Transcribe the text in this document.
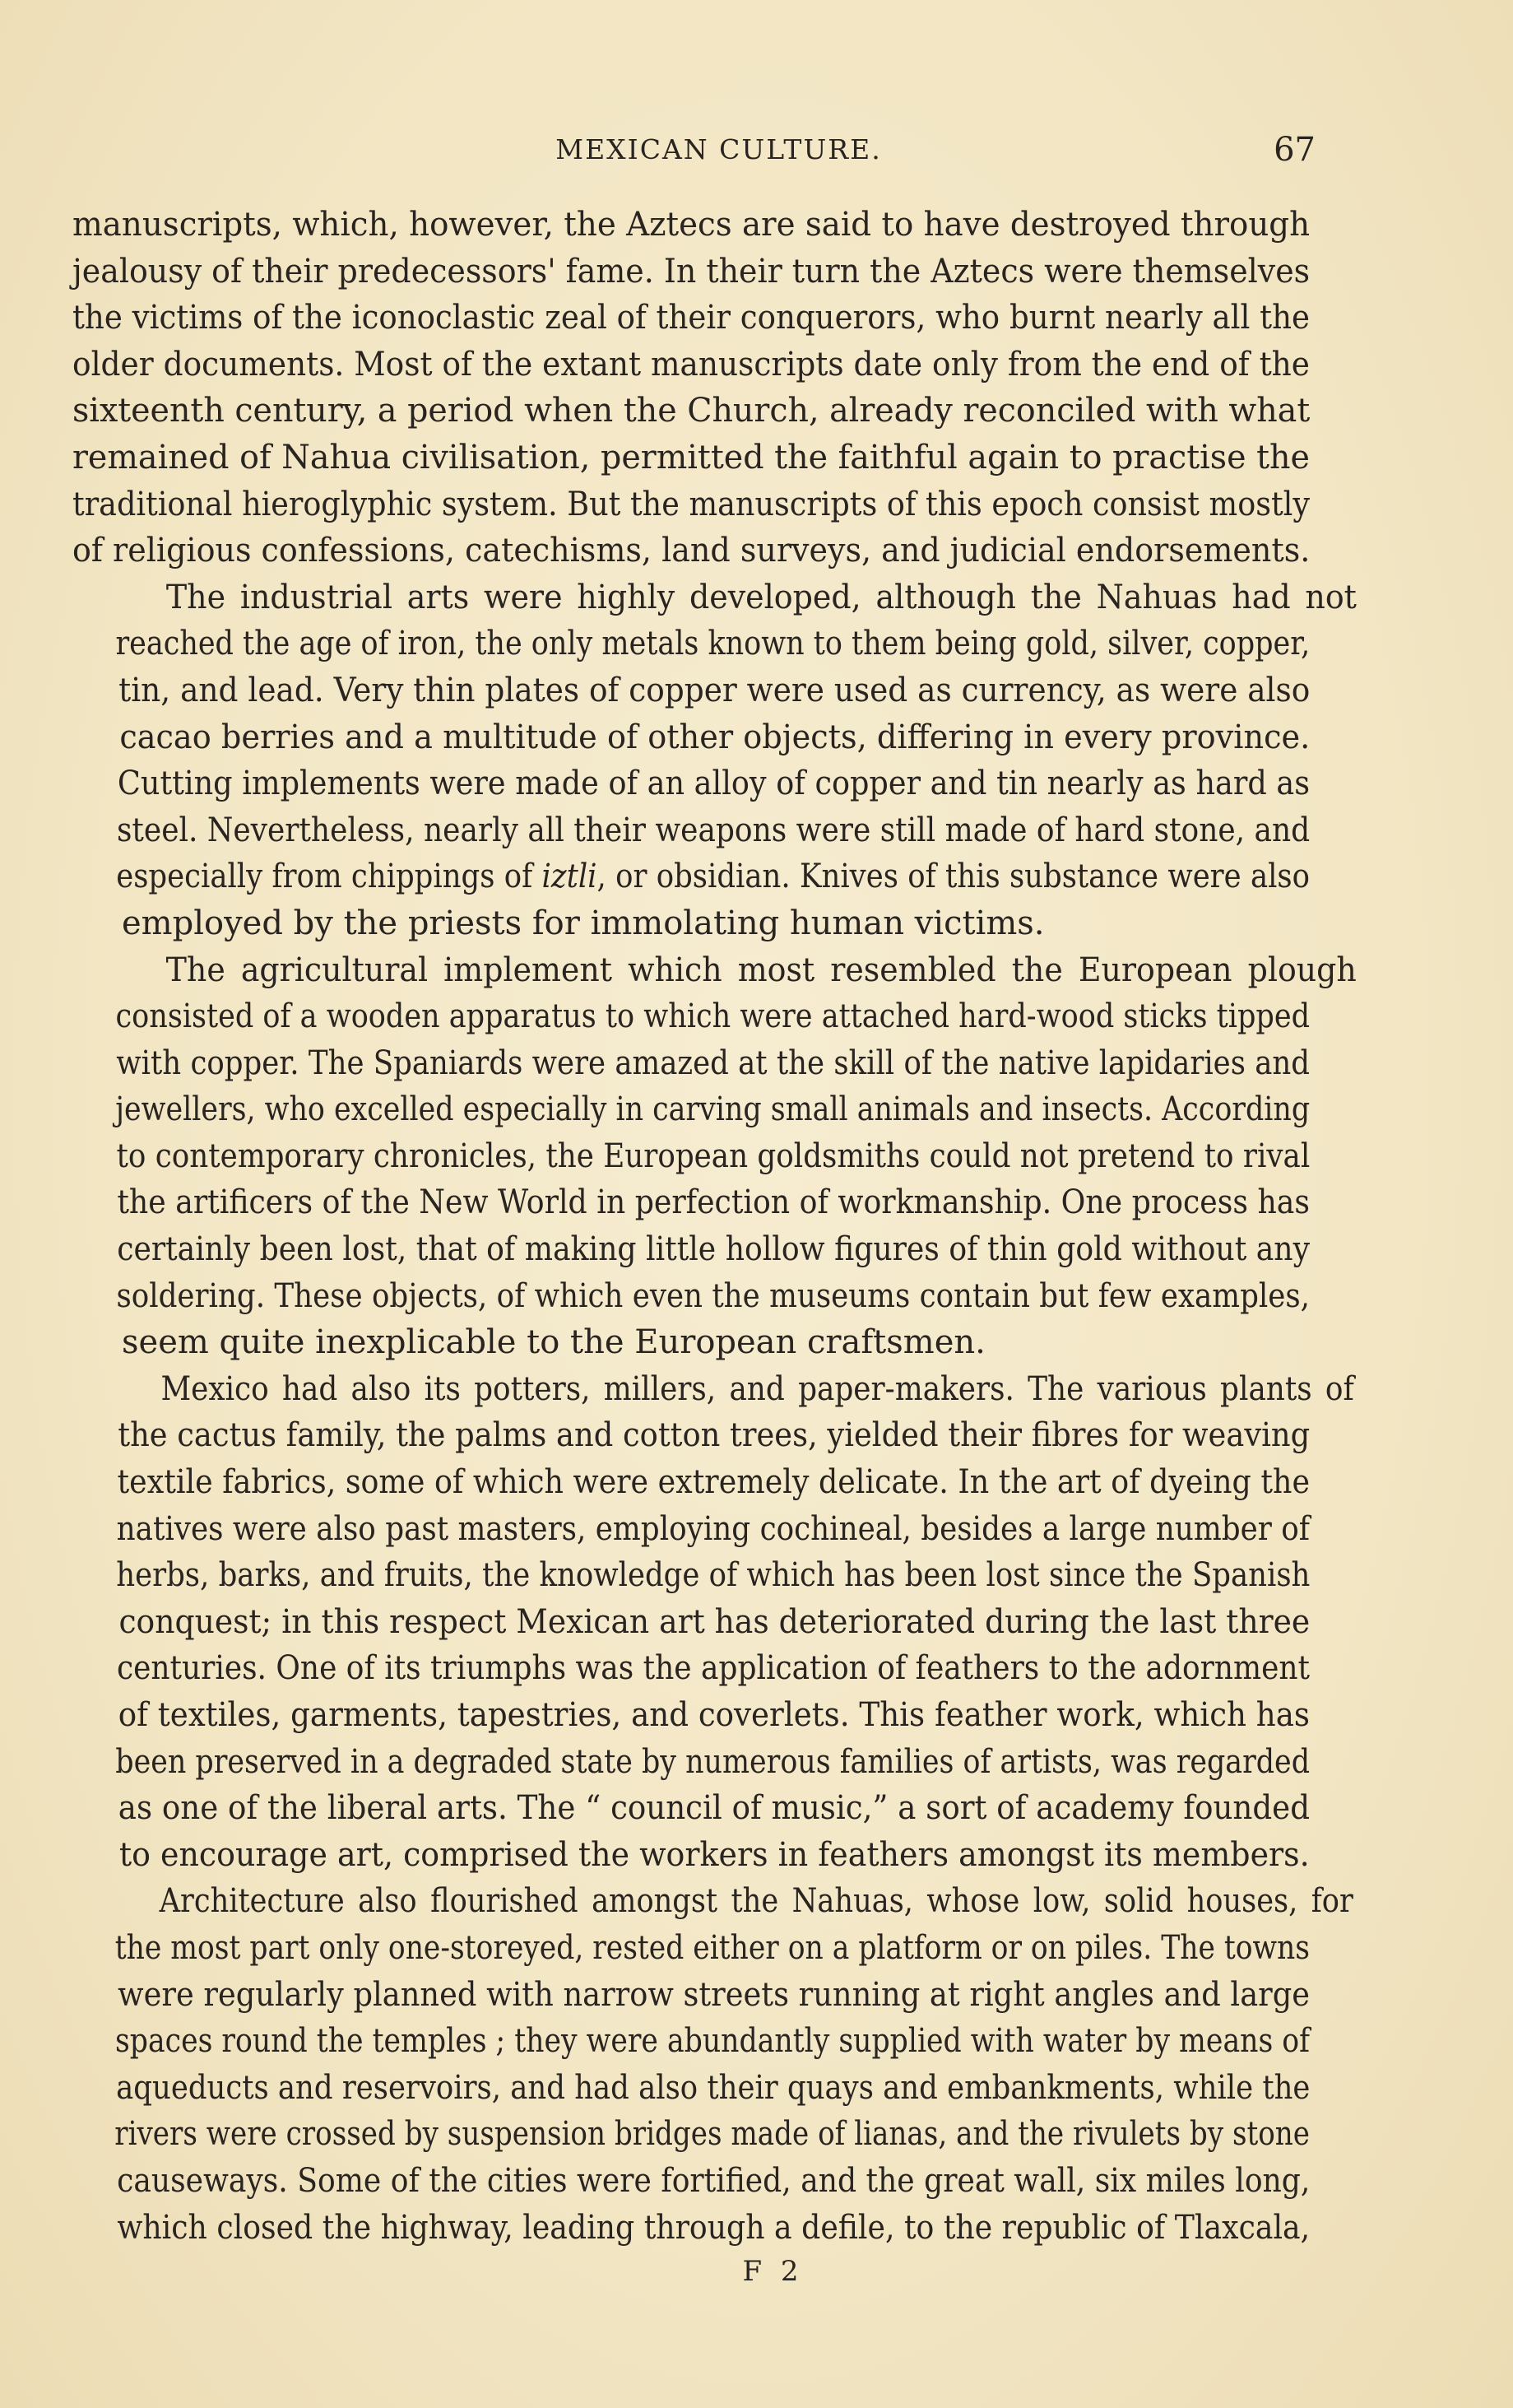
MEXICAN CULTURE.	67
manuscripts, which, however, the Aztecs are said to have destroyed through
jealousy of their predecessors' fame. In their turn the Aztecs were themselves
the victims of the iconoclastic zeal of their conquerors, who burnt nearly all the
older documents. Most of the extant manuscripts date only from the end of the
sixteenth century, a period when the Church, already reconciled with what
remained of Nahua civilisation, permitted the faithful again to practise the
traditional hieroglyphic system. But the manuscripts of this epoch consist mostly
of religious confessions, catechisms, land surveys, and judicial endorsements.
The industrial arts were highly developed, although the Nahuas had not
reached the age of iron, the only metals known to them being gold, silver, copper,
tin, and lead. Very thin plates of copper were used as currency, as were also
cacao berries and a multitude of other objects, differing in every province.
Cutting implements were made of an alloy of copper and tin nearly as hard as
steel. Nevertheless, nearly all their weapons were still made of hard stone, and
especially from chippings of iztli, or obsidian. Knives of this substance were also
employed by the priests for immolating human victims.
The agricultural implement which most resembled the European plough
consisted of a wooden apparatus to which were attached hard-wood sticks tipped
with copper. The Spaniards were amazed at the skill of the native lapidaries and
jewellers, who excelled especially in carving small animals and insects. According
to contemporary chronicles, the European goldsmiths could not pretend to rival
the artificers of the New World in perfection of workmanship. One process has
certainly been lost, that of making little hollow figures of thin gold without any
soldering. These objects, of which even the museums contain but few examples,
seem quite inexplicable to the European craftsmen.
Mexico had also its potters, millers, and paper-makers. The various plants of
the cactus family, the palms and cotton trees, yielded their fibres for weaving
textile fabrics, some of which were extremely delicate. In the art of dyeing the
natives were also past masters, employing cochineal, besides a large number of
herbs, barks, and fruits, the knowledge of which has been lost since the Spanish
conquest; in this respect Mexican art has deteriorated during the last three
centuries. One of its triumphs was the application of feathers to the adornment
of textiles, garments, tapestries, and coverlets. This feather work, which has
been preserved in a degraded state by numerous families of artists, was regarded
as one of the liberal arts. The “ council of music,” a sort of academy founded
to encourage art, comprised the workers in feathers amongst its members.
Architecture also flourished amongst the Nahuas, whose low, solid houses, for
the most part only one-storeyed, rested either on a platform or on piles. The towns
were regularly planned with narrow streets running at right angles and large
spaces round the temples ; they were abundantly supplied with water by means of
aqueducts and reservoirs, and had also their quays and embankments, while the
rivers were crossed by suspension bridges made of lianas, and the rivulets by stone
causeways. Some of the cities were fortified, and the great wall, six miles long,
which closed the highway, leading through a defile, to the republic of Tlaxcala,
F 2
